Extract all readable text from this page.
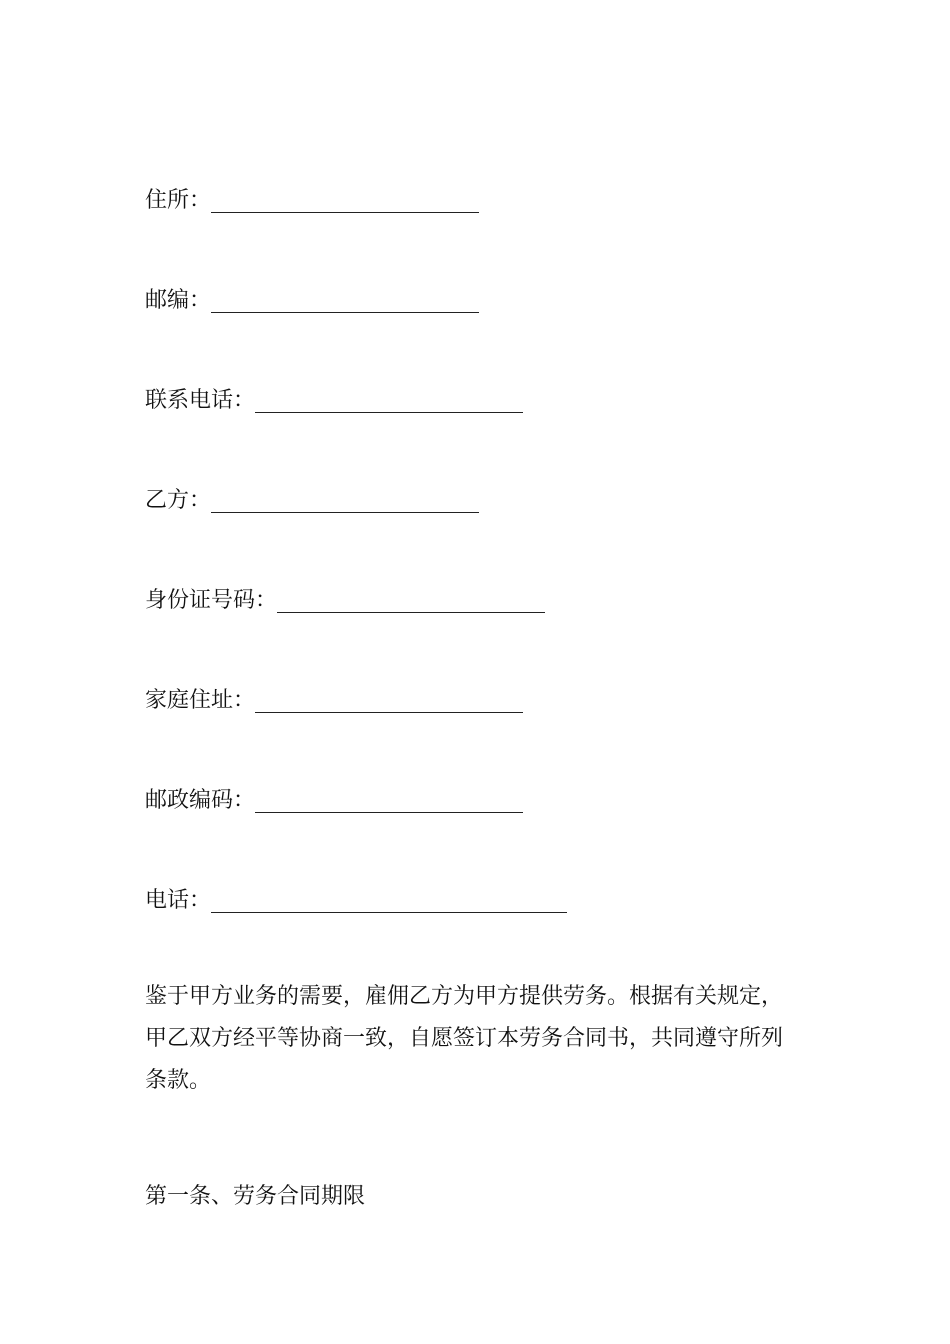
住所：
邮编：
联系电话：
乙方：
身份证号码：
家庭住址：
邮政编码：
电话：
鉴于甲方业务的需要，雇佣乙方为甲方提供劳务。根据有关规定，
甲乙双方经平等协商一致，自愿签订本劳务合同书，共同遵守所列
条款。
第一条、劳务合同期限
